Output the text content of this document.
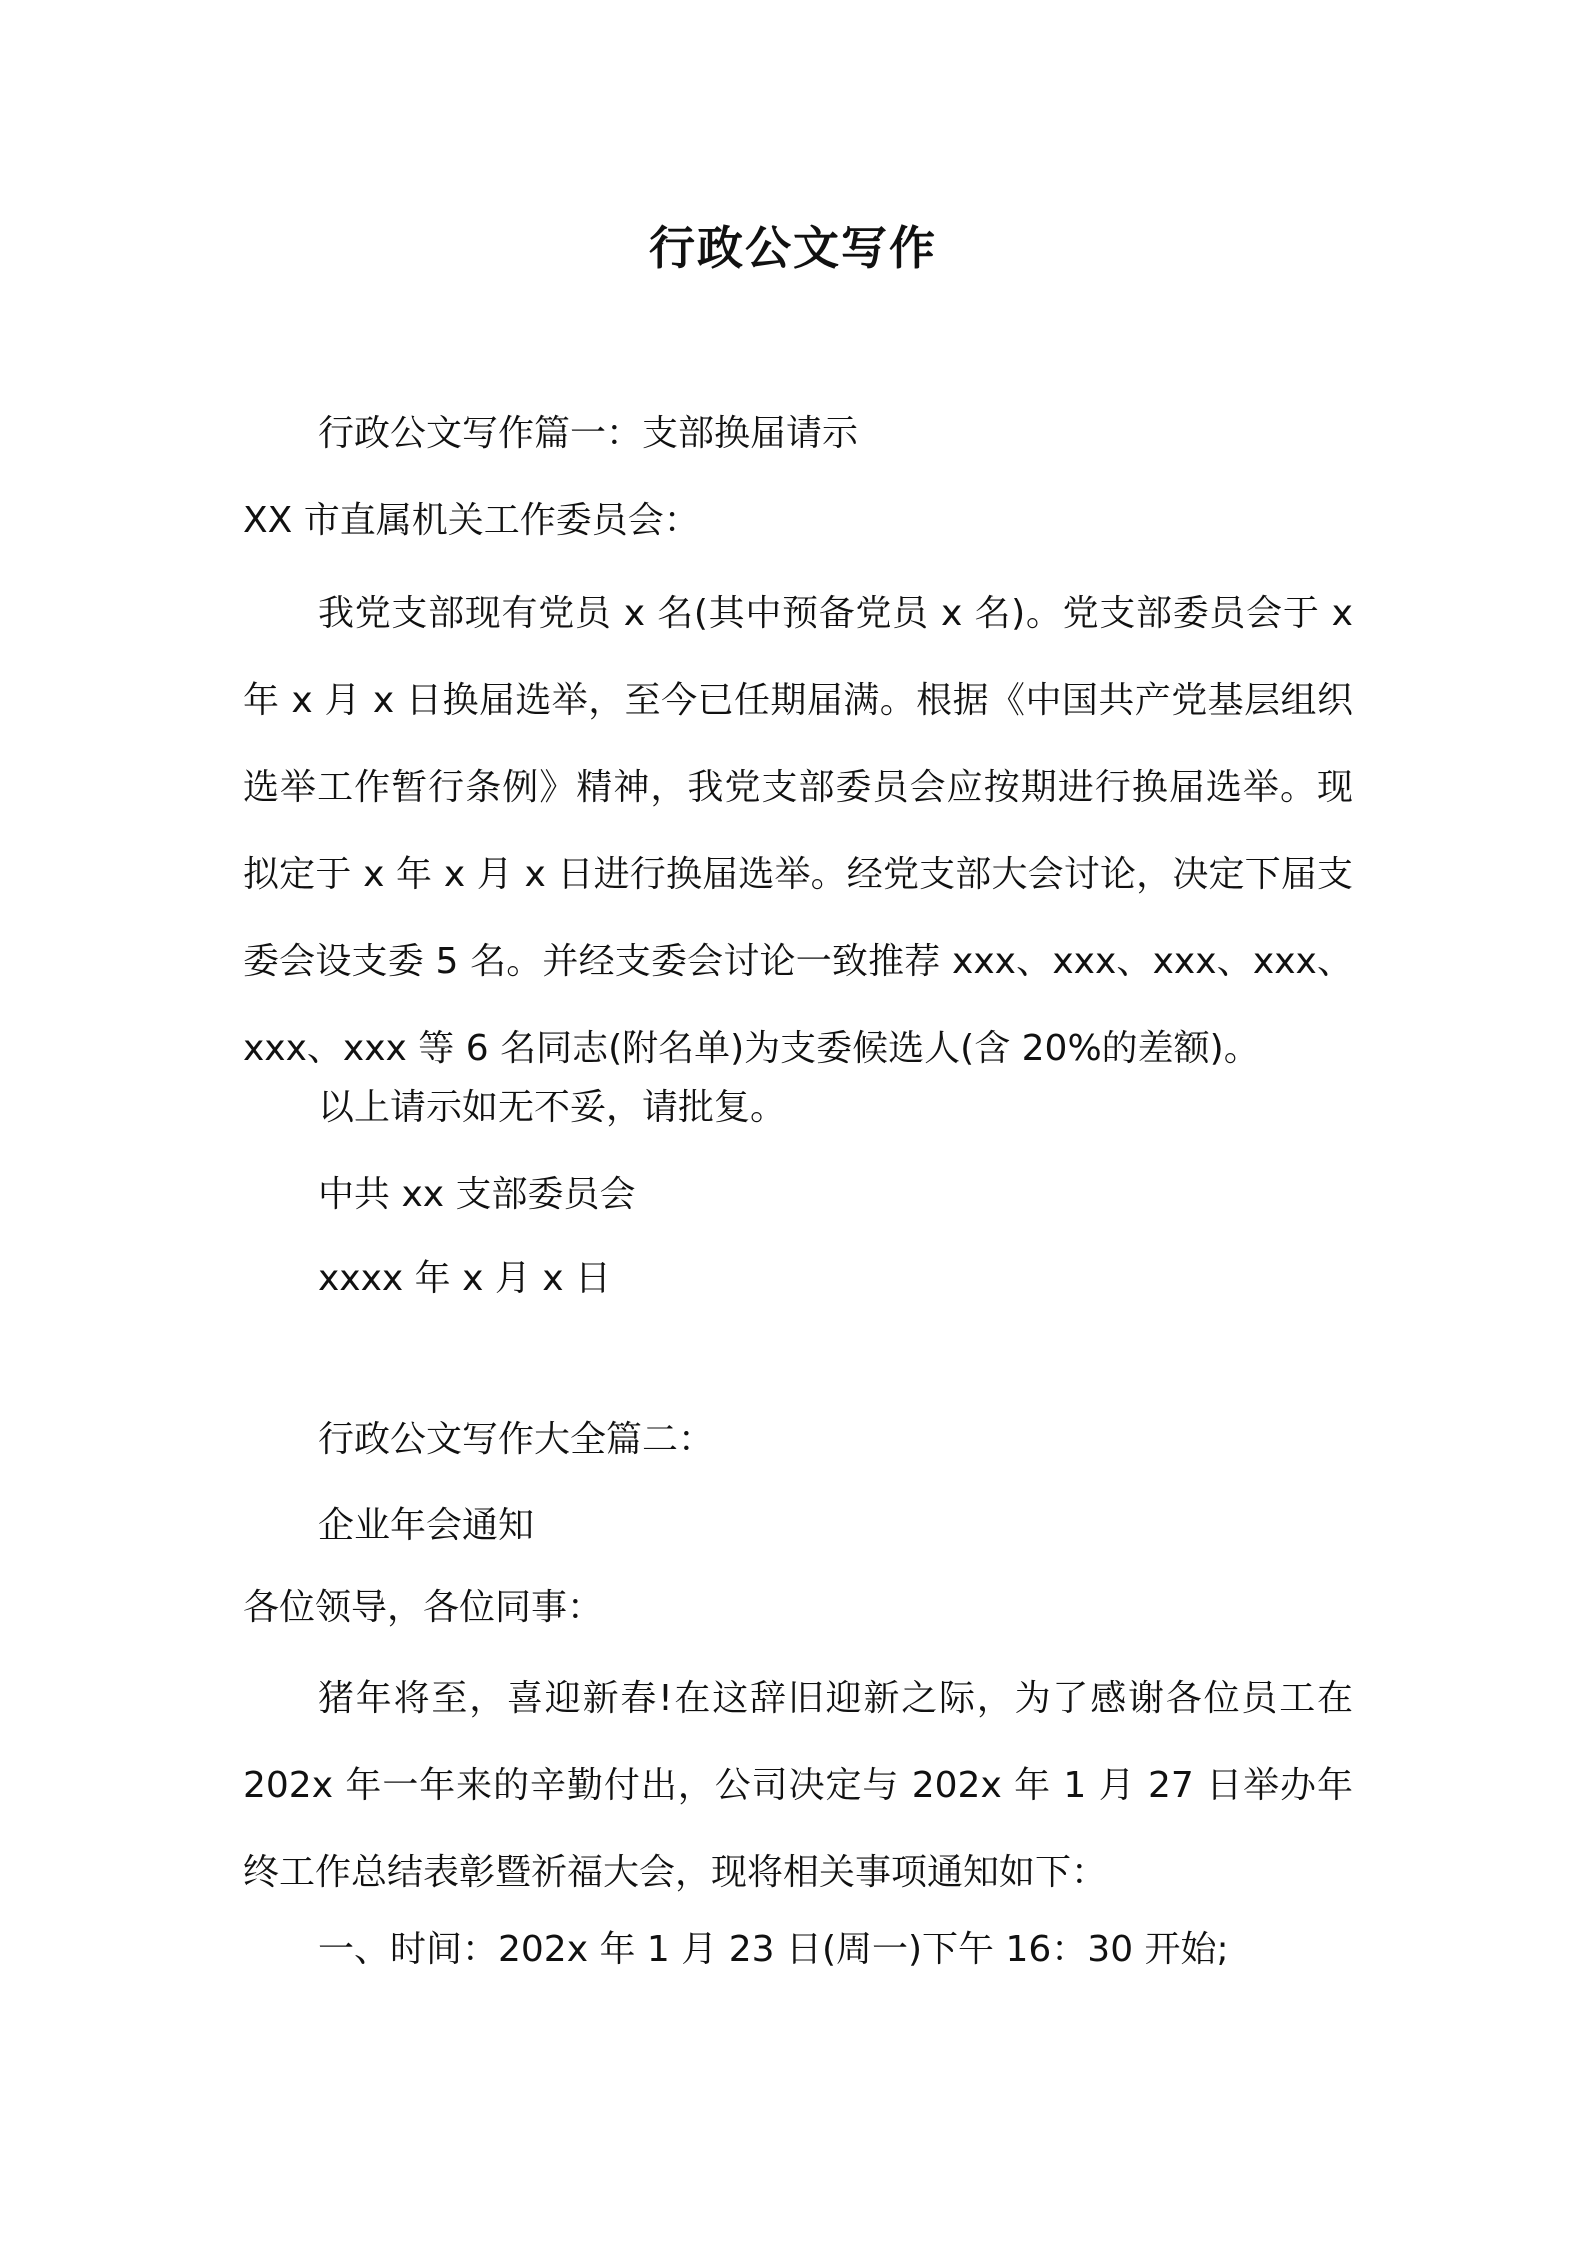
行政公文写作
行政公文写作篇一：支部换届请示
XX 市直属机关工作委员会：
我党支部现有党员 x 名(其中预备党员 x 名)。党支部委员会于 x 年 x 月 x 日换届选举，至今已任期届满。根据《中国共产党基层组织选举工作暂行条例》精神，我党支部委员会应按期进行换届选举。现拟定于 x 年 x 月 x 日进行换届选举。经党支部大会讨论，决定下届支委会设支委 5 名。并经支委会讨论一致推荐 xxx、xxx、xxx、xxx、xxx、xxx 等 6 名同志(附名单)为支委候选人(含 20%的差额)。
以上请示如无不妥，请批复。
中共 xx 支部委员会
xxxx 年 x 月 x 日
行政公文写作大全篇二：
企业年会通知
各位领导，各位同事：
猪年将至，喜迎新春!在这辞旧迎新之际，为了感谢各位员工在 202x 年一年来的辛勤付出，公司决定与 202x 年 1 月 27 日举办年终工作总结表彰暨祈福大会，现将相关事项通知如下：
一、时间：202x 年 1 月 23 日(周一)下午 16：30 开始;
